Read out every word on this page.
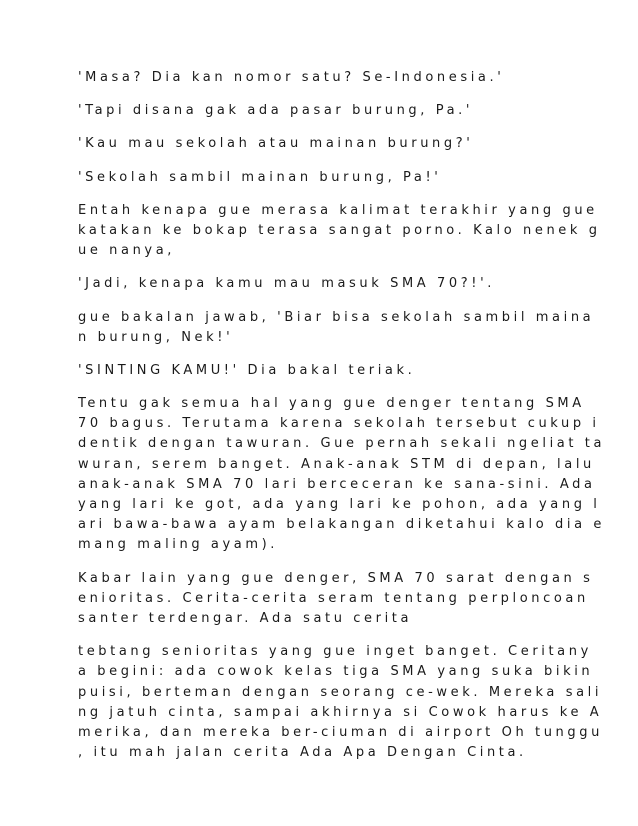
'Masa? Dia kan nomor satu? Se-Indonesia.'
'Tapi disana gak ada pasar burung, Pa.'
'Kau mau sekolah atau mainan burung?'
'Sekolah sambil mainan burung, Pa!'
Entah kenapa gue merasa kalimat terakhir yang gue
katakan ke bokap terasa sangat porno. Kalo nenek g
ue nanya,
'Jadi, kenapa kamu mau masuk SMA 70?!'.
gue bakalan jawab, 'Biar bisa sekolah sambil maina
n burung, Nek!'
'SINTING KAMU!' Dia bakal teriak.
Tentu gak semua hal yang gue denger tentang SMA
70 bagus. Terutama karena sekolah tersebut cukup i
dentik dengan tawuran. Gue pernah sekali ngeliat ta
wuran, serem banget. Anak-anak STM di depan, lalu
anak-anak SMA 70 lari berceceran ke sana-sini. Ada
yang lari ke got, ada yang lari ke pohon, ada yang l
ari bawa-bawa ayam belakangan diketahui kalo dia e
mang maling ayam).
Kabar lain yang gue denger, SMA 70 sarat dengan s
enioritas. Cerita-cerita seram tentang perploncoan
santer terdengar. Ada satu cerita
tebtang senioritas yang gue inget banget. Ceritany
a begini: ada cowok kelas tiga SMA yang suka bikin
puisi, berteman dengan seorang ce-wek. Mereka sali
ng jatuh cinta, sampai akhirnya si Cowok harus ke A
merika, dan mereka ber-ciuman di airport Oh tunggu
, itu mah jalan cerita Ada Apa Dengan Cinta.
